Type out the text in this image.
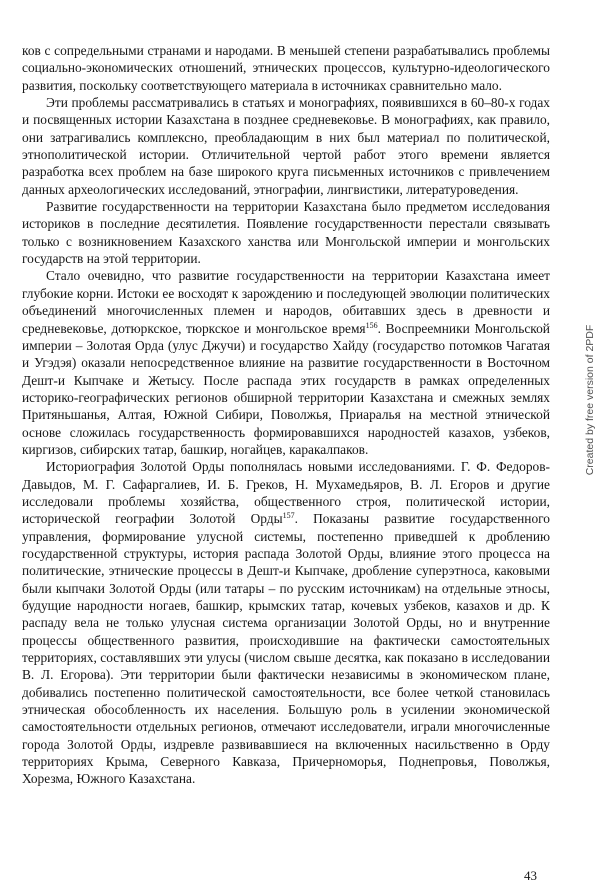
ков с сопредельными странами и народами. В меньшей степени разрабатывались проблемы социально-экономических отношений, этнических процессов, культурно-идеологического развития, поскольку соответствующего материала в источниках сравнительно мало.

Эти проблемы рассматривались в статьях и монографиях, появившихся в 60–80-х годах и посвященных истории Казахстана в позднее средневековье. В монографиях, как правило, они затрагивались комплексно, преобладающим в них был материал по политической, этнополитической истории. Отличительной чертой работ этого времени является разработка всех проблем на базе широкого круга письменных источников с привлечением данных археологических исследований, этнографии, лингвистики, литературоведения.

Развитие государственности на территории Казахстана было предметом исследования историков в последние десятилетия. Появление государственности перестали связывать только с возникновением Казахского ханства или Монгольской империи и монгольских государств на этой территории.

Стало очевидно, что развитие государственности на территории Казахстана имеет глубокие корни. Истоки ее восходят к зарождению и последующей эволюции политических объединений многочисленных племен и народов, обитавших здесь в древности и средневековье, дотюркское, тюркское и монгольское время$^{156}$. Воспреемники Монгольской империи – Золотая Орда (улус Джучи) и государство Хайду (государство потомков Чагатая и Угэдэя) оказали непосредственное влияние на развитие государственности в Восточном Дешт-и Кыпчаке и Жетысу. После распада этих государств в рамках определенных историко-географических регионов обширной территории Казахстана и смежных землях Притяньшанья, Алтая, Южной Сибири, Поволжья, Приаралья на местной этнической основе сложилась государственность формировавшихся народностей казахов, узбеков, киргизов, сибирских татар, башкир, ногайцев, каракалпаков.

Историография Золотой Орды пополнялась новыми исследованиями. Г. Ф. Федоров-Давыдов, М. Г. Сафаргалиев, И. Б. Греков, Н. Мухамедьяров, В. Л. Егоров и другие исследовали проблемы хозяйства, общественного строя, политической истории, исторической географии Золотой Орды$^{157}$. Показаны развитие государственного управления, формирование улусной системы, постепенно приведшей к дроблению государственной структуры, история распада Золотой Орды, влияние этого процесса на политические, этнические процессы в Дешт-и Кыпчаке, дробление суперэтноса, каковыми были кыпчаки Золотой Орды (или татары – по русским источникам) на отдельные этносы, будущие народности ногаев, башкир, крымских татар, кочевых узбеков, казахов и др. К распаду вела не только улусная система организации Золотой Орды, но и внутренние процессы общественного развития, происходившие на фактически самостоятельных территориях, составлявших эти улусы (числом свыше десятка, как показано в исследовании В. Л. Егорова). Эти территории были фактически независимы в экономическом плане, добивались постепенно политической самостоятельности, все более четкой становилась этническая обособленность их населения. Большую роль в усилении экономической самостоятельности отдельных регионов, отмечают исследователи, играли многочисленные города Золотой Орды, издревле развивавшиеся на включенных насильственно в Орду территориях Крыма, Северного Кавказа, Причерноморья, Поднепровья, Поволжья, Хорезма, Южного Казахстана.

Created by free version of 2PDF
43
